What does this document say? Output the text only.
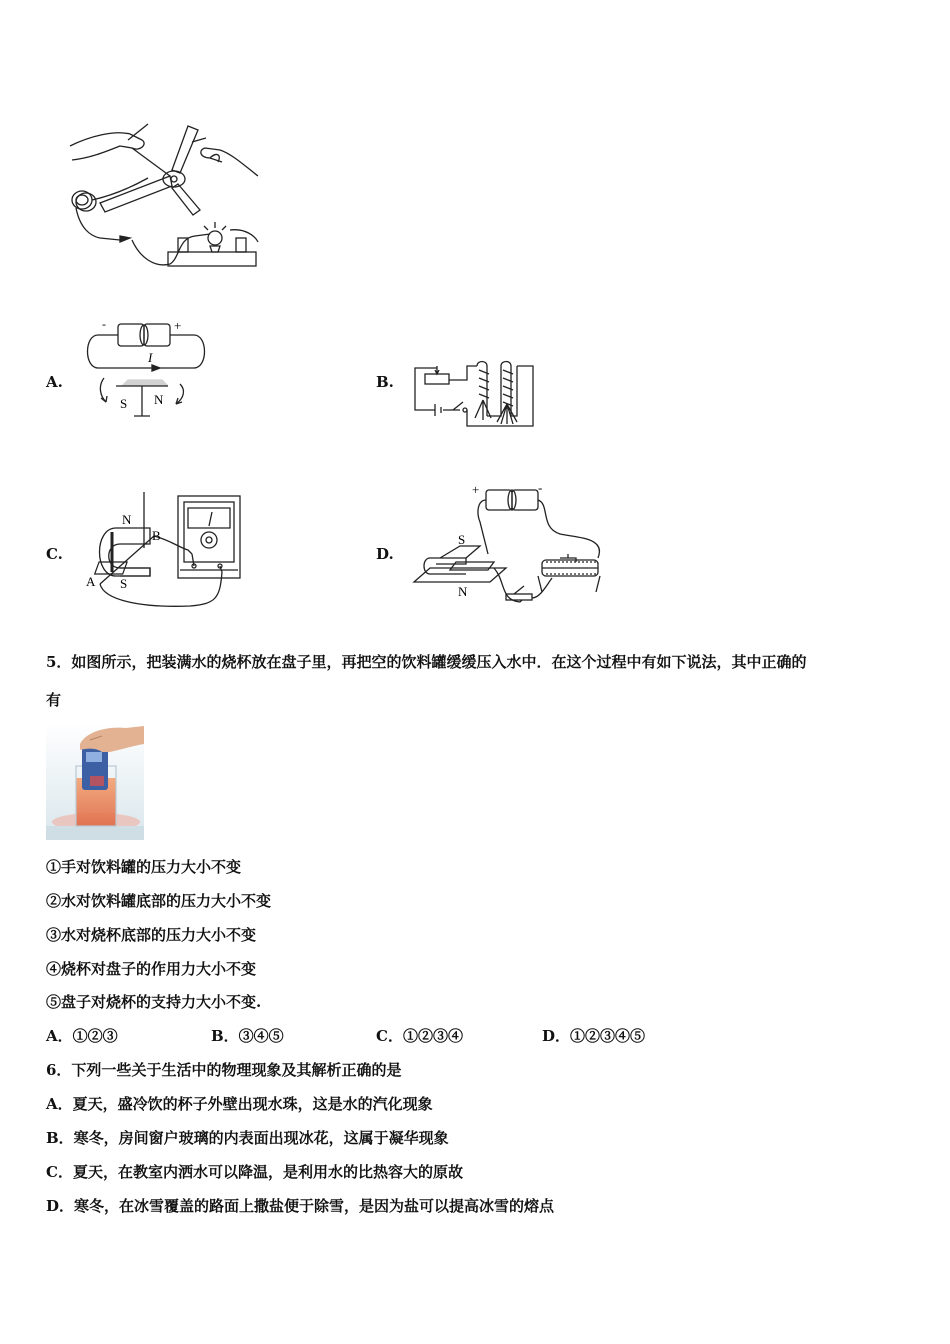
A.
-	+
I
S N
B.
C.
N
B
A S
D.
+	-
S
N
5．如图所示，把装满水的烧杯放在盘子里，再把空的饮料罐缓缓压入水中．在这个过程中有如下说法，其中正确的
有
①手对饮料罐的压力大小不变
②水对饮料罐底部的压力大小不变
③水对烧杯底部的压力大小不变
④烧杯对盘子的作用力大小不变
⑤盘子对烧杯的支持力大小不变.
A．①②③	B．③④⑤	C．①②③④	D．①②③④⑤
6．下列一些关于生活中的物理现象及其解析正确的是
A．夏天，盛冷饮的杯子外壁出现水珠，这是水的汽化现象
B．寒冬，房间窗户玻璃的内表面出现冰花，这属于凝华现象
C．夏天，在教室内洒水可以降温，是利用水的比热容大的原故
D．寒冬，在冰雪覆盖的路面上撒盐便于除雪，是因为盐可以提高冰雪的熔点
